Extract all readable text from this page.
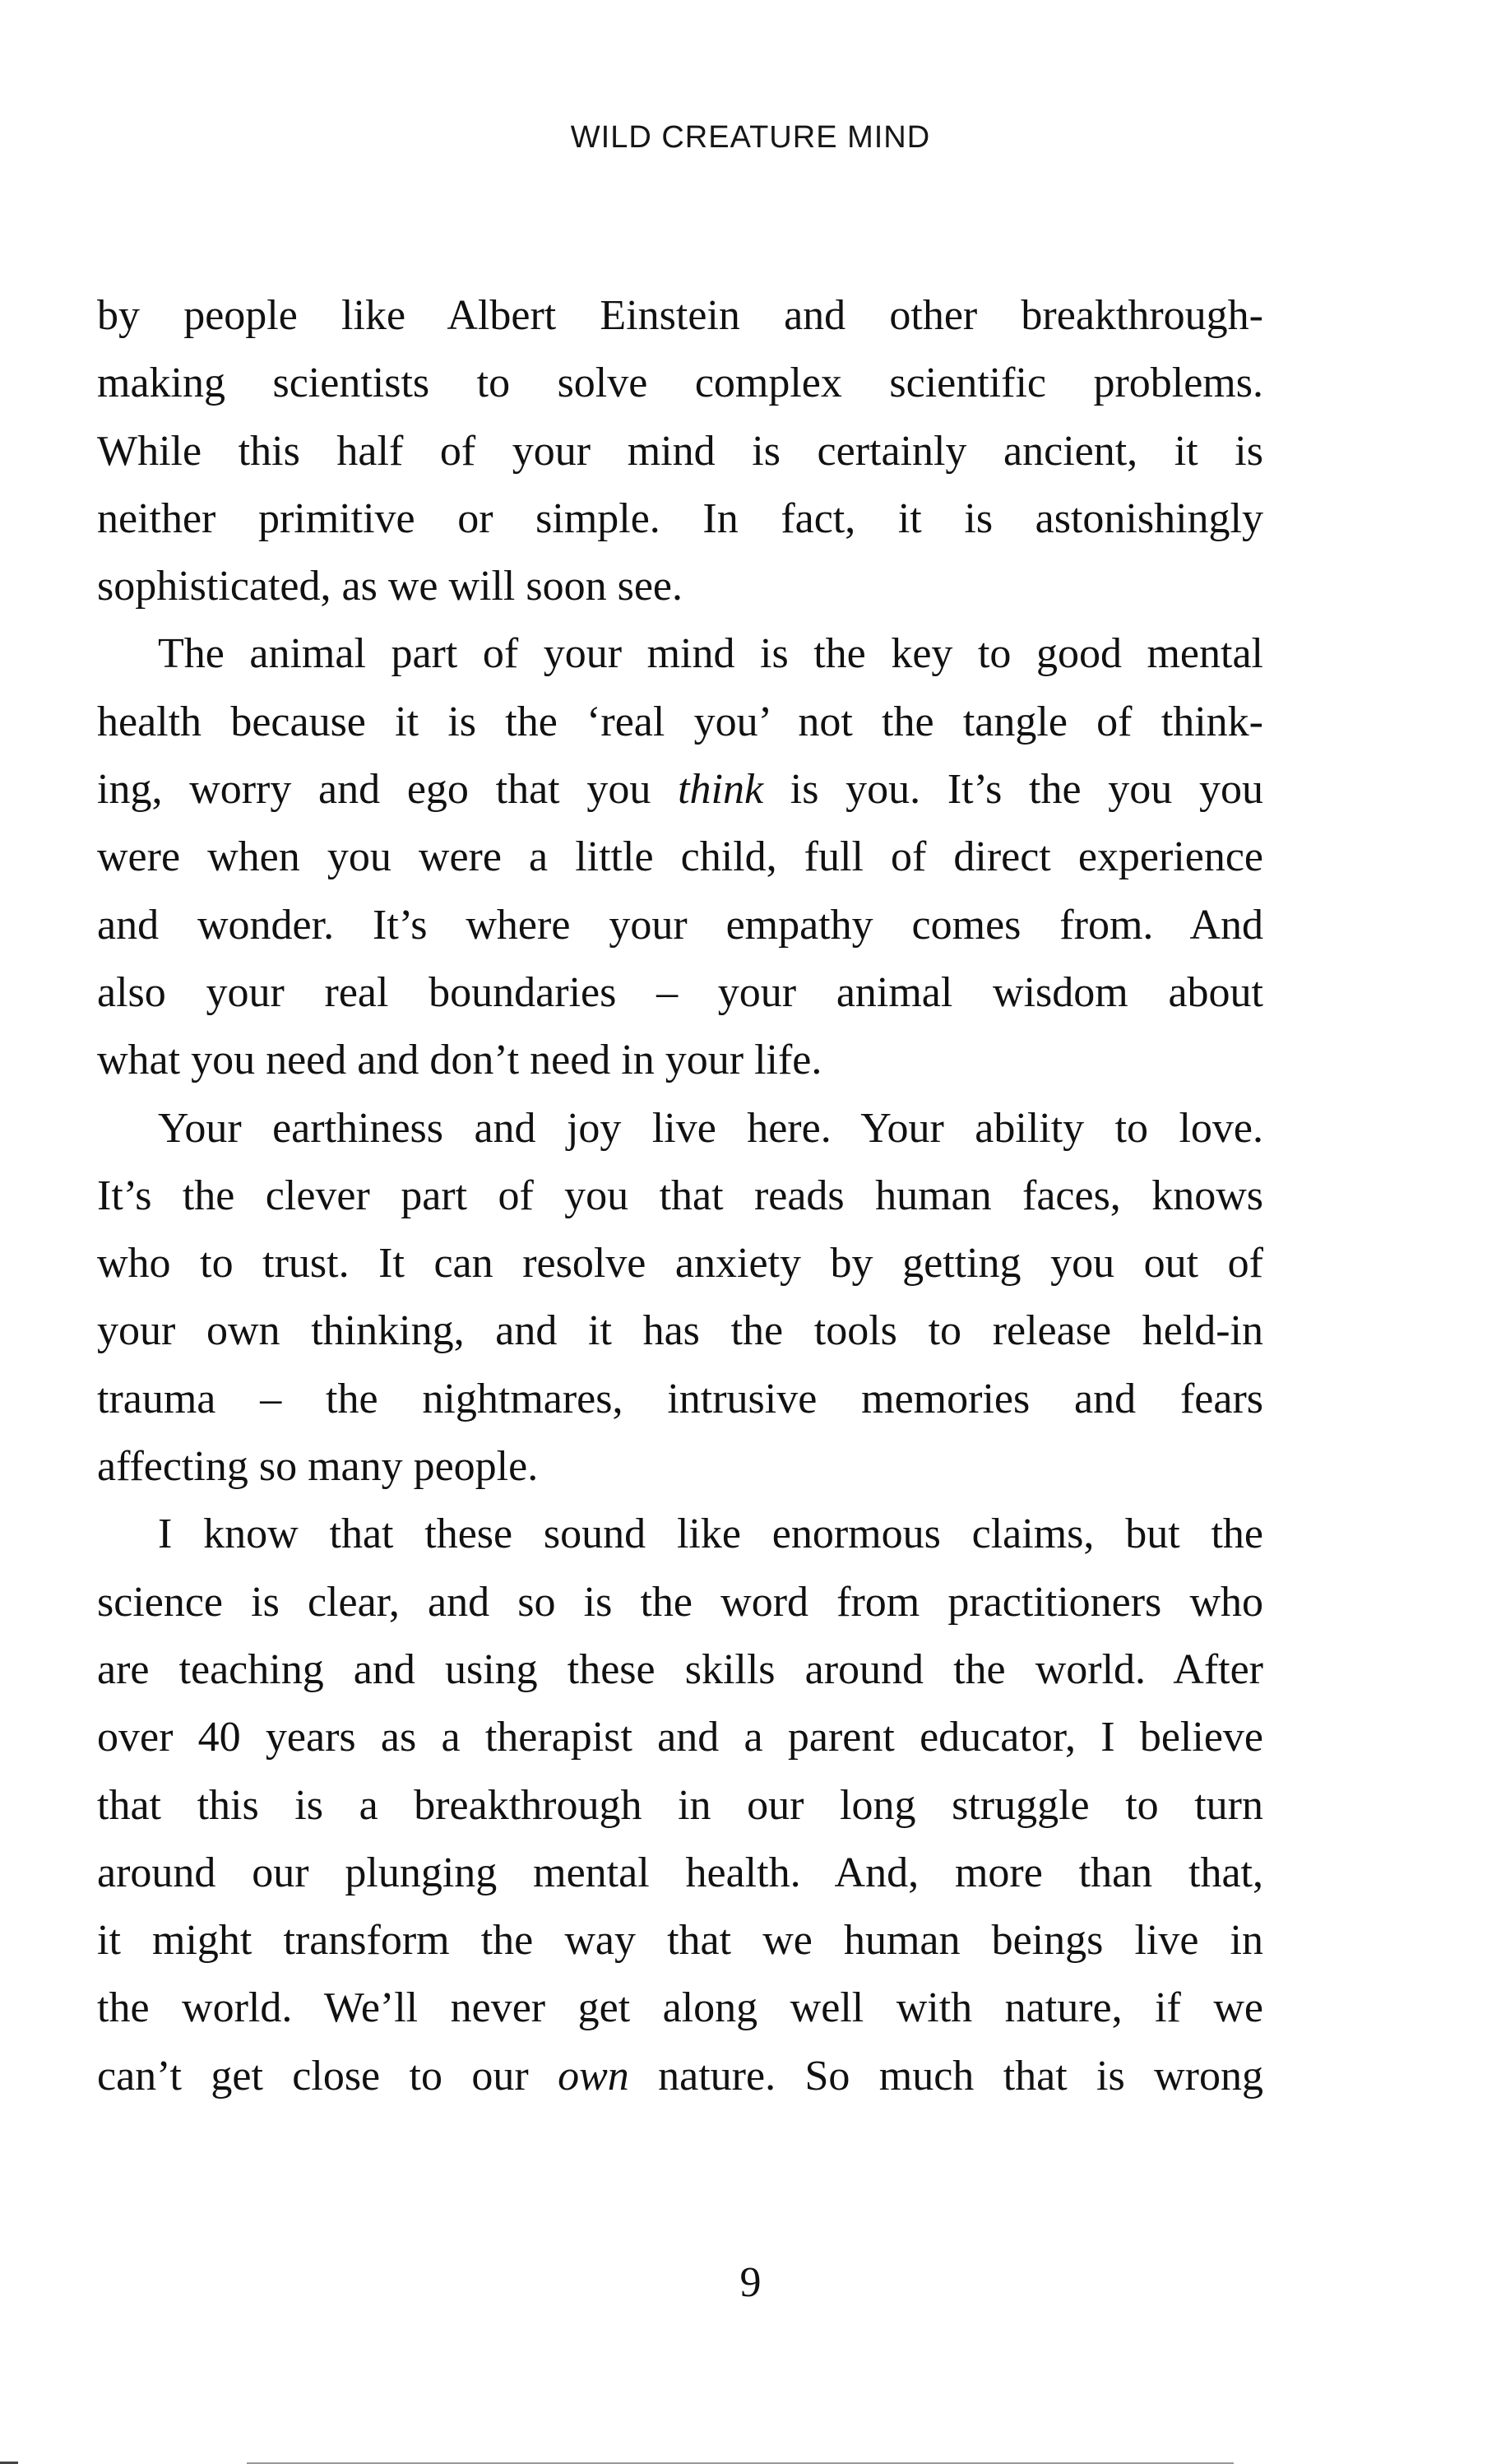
WILD CREATURE MIND
by people like Albert Einstein and other breakthrough-
making scientists to solve complex scientific problems.
While this half of your mind is certainly ancient, it is
neither primitive or simple. In fact, it is astonishingly
sophisticated, as we will soon see.
The animal part of your mind is the key to good mental
health because it is the ‘real you’ not the tangle of think-
ing, worry and ego that you think is you. It’s the you you
were when you were a little child, full of direct experience
and wonder. It’s where your empathy comes from. And
also your real boundaries – your animal wisdom about
what you need and don’t need in your life.
Your earthiness and joy live here. Your ability to love.
It’s the clever part of you that reads human faces, knows
who to trust. It can resolve anxiety by getting you out of
your own thinking, and it has the tools to release held-in
trauma – the nightmares, intrusive memories and fears
affecting so many people.
I know that these sound like enormous claims, but the
science is clear, and so is the word from practitioners who
are teaching and using these skills around the world. After
over 40 years as a therapist and a parent educator, I believe
that this is a breakthrough in our long struggle to turn
around our plunging mental health. And, more than that,
it might transform the way that we human beings live in
the world. We’ll never get along well with nature, if we
can’t get close to our own nature. So much that is wrong
9
